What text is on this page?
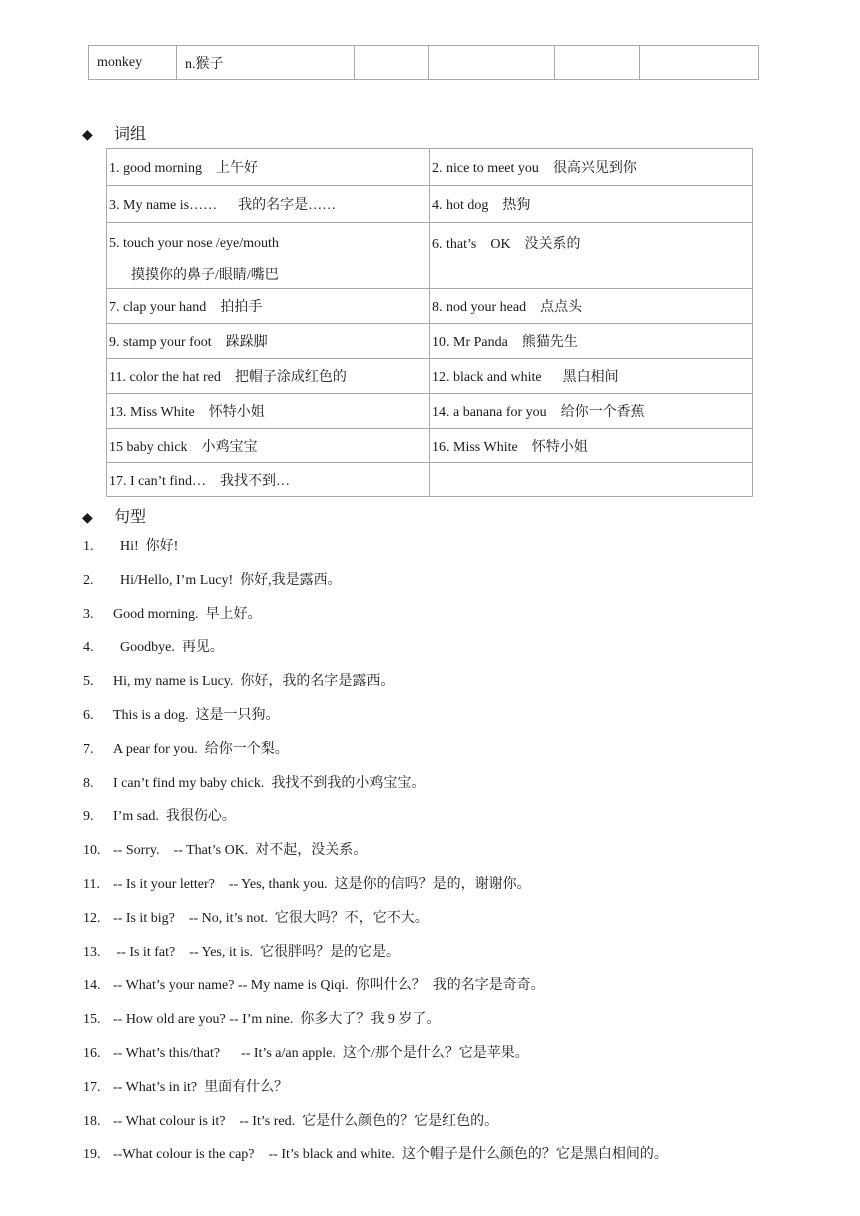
monkey	n.猴子				
◆ 词组
1. good morning    上午好	2. nice to meet you    很高兴见到你
3. My name is……      我的名字是……	4. hot dog    热狗
5. touch your nose /eye/mouth
摸摸你的鼻子/眼睛/嘴巴	6. that’s    OK    没关系的
7. clap your hand    拍拍手	8. nod your head    点点头
9. stamp your foot    跺跺脚	10. Mr Panda    熊猫先生
11. color the hat red    把帽子涂成红色的	12. black and white      黑白相间
13. Miss White    怀特小姐	14. a banana for you    给你一个香蕉
15 baby chick    小鸡宝宝	16. Miss White    怀特小姐
17. I can’t find…    我找不到…	
◆ 句型
1.  Hi!  你好!
2.  Hi/Hello, I’m Lucy!  你好,我是露西。
3. Good morning.  早上好。
4.  Goodbye.  再见。
5. Hi, my name is Lucy.  你好，我的名字是露西。
6. This is a dog.  这是一只狗。
7. A pear for you.  给你一个梨。
8. I can’t find my baby chick.  我找不到我的小鸡宝宝。
9. I’m sad.  我很伤心。
10. -- Sorry.    -- That’s OK.  对不起，没关系。
11. -- Is it your letter?    -- Yes, thank you.  这是你的信吗？是的，谢谢你。
12. -- Is it big?    -- No, it’s not.  它很大吗？不，它不大。
13. -- Is it fat?    -- Yes, it is.  它很胖吗？是的它是。
14. -- What’s your name? -- My name is Qiqi.  你叫什么？  我的名字是奇奇。
15. -- How old are you? -- I’m nine.  你多大了？我 9 岁了。
16. -- What’s this/that?      -- It’s a/an apple.  这个/那个是什么？它是苹果。
17. -- What’s in it?  里面有什么？
18. -- What colour is it?    -- It’s red.  它是什么颜色的？它是红色的。
19. --What colour is the cap?    -- It’s black and white.  这个帽子是什么颜色的？它是黑白相间的。
